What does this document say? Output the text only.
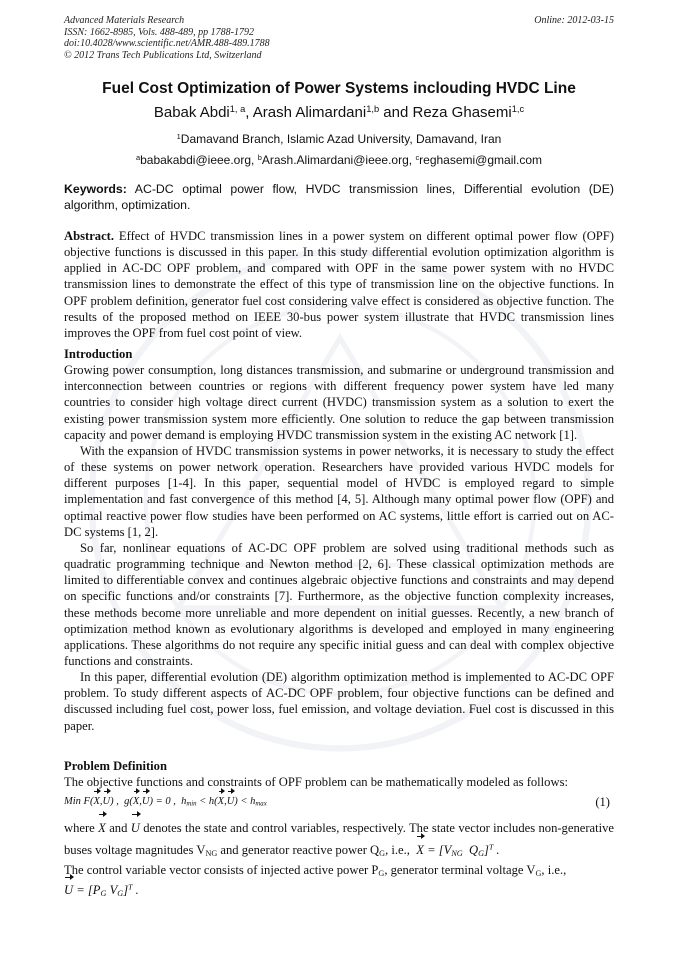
Advanced Materials Research
ISSN: 1662-8985, Vols. 488-489, pp 1788-1792
doi:10.4028/www.scientific.net/AMR.488-489.1788
© 2012 Trans Tech Publications Ltd, Switzerland
Online: 2012-03-15
Fuel Cost Optimization of Power Systems inclouding HVDC Line
Babak Abdi$^{1, a}$, Arash Alimardani$^{1,b}$ and Reza Ghasemi$^{1,c}$
$^1$Damavand Branch, Islamic Azad University, Damavand, Iran
$^a$babakabdi@ieee.org, $^b$Arash.Alimardani@ieee.org, $^c$reghasemi@gmail.com
Keywords: AC-DC optimal power flow, HVDC transmission lines, Differential evolution (DE) algorithm, optimization.

Abstract. Effect of HVDC transmission lines in a power system on different optimal power flow (OPF) objective functions is discussed in this paper. In this study differential evolution optimization algorithm is applied in AC-DC OPF problem, and compared with OPF in the same power system with no HVDC transmission lines to demonstrate the effect of this type of transmission line on the objective functions. In OPF problem definition, generator fuel cost considering valve effect is considered as objective function. The results of the proposed method on IEEE 30-bus power system illustrate that HVDC transmission lines improves the OPF from fuel cost point of view.

Introduction

Growing power consumption, long distances transmission, and submarine or underground transmission and interconnection between countries or regions with different frequency power system have led many countries to consider high voltage direct current (HVDC) transmission system as a solution to exert the existing power transmission system more efficiently. One solution to reduce the gap between transmission capacity and power demand is employing HVDC transmission system in the existing AC network [1].

With the expansion of HVDC transmission systems in power networks, it is necessary to study the effect of these systems on power network operation. Researchers have provided various HVDC models for different purposes [1-4]. In this paper, sequential model of HVDC is employed regard to simple implementation and fast convergence of this method [4, 5]. Although many optimal power flow (OPF) and optimal reactive power flow studies have been performed on AC systems, little effort is carried out on AC-DC systems [1, 2].

So far, nonlinear equations of AC-DC OPF problem are solved using traditional methods such as quadratic programming technique and Newton method [2, 6]. These classical optimization methods are limited to differentiable convex and continues algebraic objective functions and constraints and may depend on specific functions and/or constraints [7]. Furthermore, as the objective function complexity increases, these methods become more unreliable and more dependent on initial guesses. Recently, a new branch of optimization method known as evolutionary algorithms is developed and employed in many engineering applications. These algorithms do not require any specific initial guess and can deal with complex objective functions and constraints.

In this paper, differential evolution (DE) algorithm optimization method is implemented to AC-DC OPF problem. To study different aspects of AC-DC OPF problem, four objective functions can be defined and discussed including fuel cost, power loss, fuel emission, and voltage deviation. Fuel cost is discussed in this paper.

Problem Definition

The objective functions and constraints of OPF problem can be mathematically modeled as follows:

Min F(X,U) ,  g(X,U) = 0 ,  $h_{min} < h(X,U) < h_{max}$	(1)

where X and U denotes the state and control variables, respectively. The state vector includes non-generative buses voltage magnitudes $V_{NG}$ and generator reactive power $Q_G$, i.e., $X = [V_{NG}$  $Q_G]^T$ .

The control variable vector consists of injected active power $P_G$, generator terminal voltage $V_G$, i.e.,

$U = [P_G$ $V_G]^T$ .
